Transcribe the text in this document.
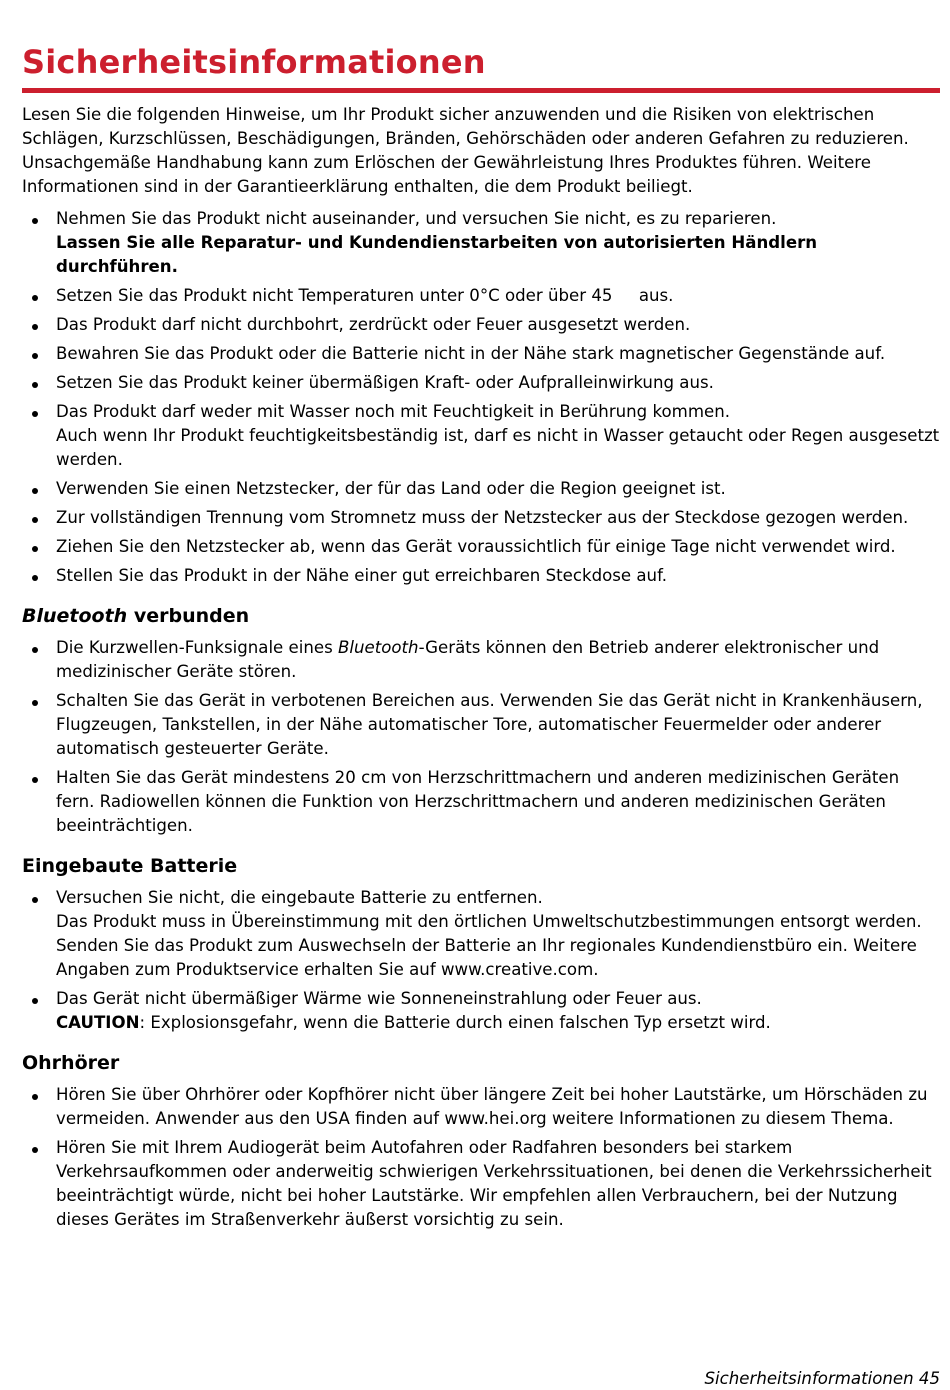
Sicherheitsinformationen

Lesen Sie die folgenden Hinweise, um Ihr Produkt sicher anzuwenden und die Risiken von elektrischen Schlägen, Kurzschlüssen, Beschädigungen, Bränden, Gehörschäden oder anderen Gefahren zu reduzieren. Unsachgemäße Handhabung kann zum Erlöschen der Gewährleistung Ihres Produktes führen. Weitere Informationen sind in der Garantieerklärung enthalten, die dem Produkt beiliegt.

Nehmen Sie das Produkt nicht auseinander, und versuchen Sie nicht, es zu reparieren.
Lassen Sie alle Reparatur- und Kundendienstarbeiten von autorisierten Händlern durchführen.
Setzen Sie das Produkt nicht Temperaturen unter 0°C oder über 45     aus.
Das Produkt darf nicht durchbohrt, zerdrückt oder Feuer ausgesetzt werden.
Bewahren Sie das Produkt oder die Batterie nicht in der Nähe stark magnetischer Gegenstände auf.
Setzen Sie das Produkt keiner übermäßigen Kraft- oder Aufpralleinwirkung aus.
Das Produkt darf weder mit Wasser noch mit Feuchtigkeit in Berührung kommen.
Auch wenn Ihr Produkt feuchtigkeitsbeständig ist, darf es nicht in Wasser getaucht oder Regen ausgesetzt werden.
Verwenden Sie einen Netzstecker, der für das Land oder die Region geeignet ist.
Zur vollständigen Trennung vom Stromnetz muss der Netzstecker aus der Steckdose gezogen werden.
Ziehen Sie den Netzstecker ab, wenn das Gerät voraussichtlich für einige Tage nicht verwendet wird.
Stellen Sie das Produkt in der Nähe einer gut erreichbaren Steckdose auf.
Bluetooth verbunden
Die Kurzwellen-Funksignale eines Bluetooth-Geräts können den Betrieb anderer elektronischer und medizinischer Geräte stören.
Schalten Sie das Gerät in verbotenen Bereichen aus. Verwenden Sie das Gerät nicht in Krankenhäusern, Flugzeugen, Tankstellen, in der Nähe automatischer Tore, automatischer Feuermelder oder anderer automatisch gesteuerter Geräte.
Halten Sie das Gerät mindestens 20 cm von Herzschrittmachern und anderen medizinischen Geräten fern. Radiowellen können die Funktion von Herzschrittmachern und anderen medizinischen Geräten beeinträchtigen.
Eingebaute Batterie
Versuchen Sie nicht, die eingebaute Batterie zu entfernen.
Das Produkt muss in Übereinstimmung mit den örtlichen Umweltschutzbestimmungen entsorgt werden. Senden Sie das Produkt zum Auswechseln der Batterie an Ihr regionales Kundendienstbüro ein. Weitere Angaben zum Produktservice erhalten Sie auf www.creative.com.
Das Gerät nicht übermäßiger Wärme wie Sonneneinstrahlung oder Feuer aus.
CAUTION: Explosionsgefahr, wenn die Batterie durch einen falschen Typ ersetzt wird.
Ohrhörer
Hören Sie über Ohrhörer oder Kopfhörer nicht über längere Zeit bei hoher Lautstärke, um Hörschäden zu vermeiden. Anwender aus den USA finden auf www.hei.org weitere Informationen zu diesem Thema.
Hören Sie mit Ihrem Audiogerät beim Autofahren oder Radfahren besonders bei starkem Verkehrsaufkommen oder anderweitig schwierigen Verkehrssituationen, bei denen die Verkehrssicherheit beeinträchtigt würde, nicht bei hoher Lautstärke. Wir empfehlen allen Verbrauchern, bei der Nutzung dieses Gerätes im Straßenverkehr äußerst vorsichtig zu sein.
Sicherheitsinformationen 45
